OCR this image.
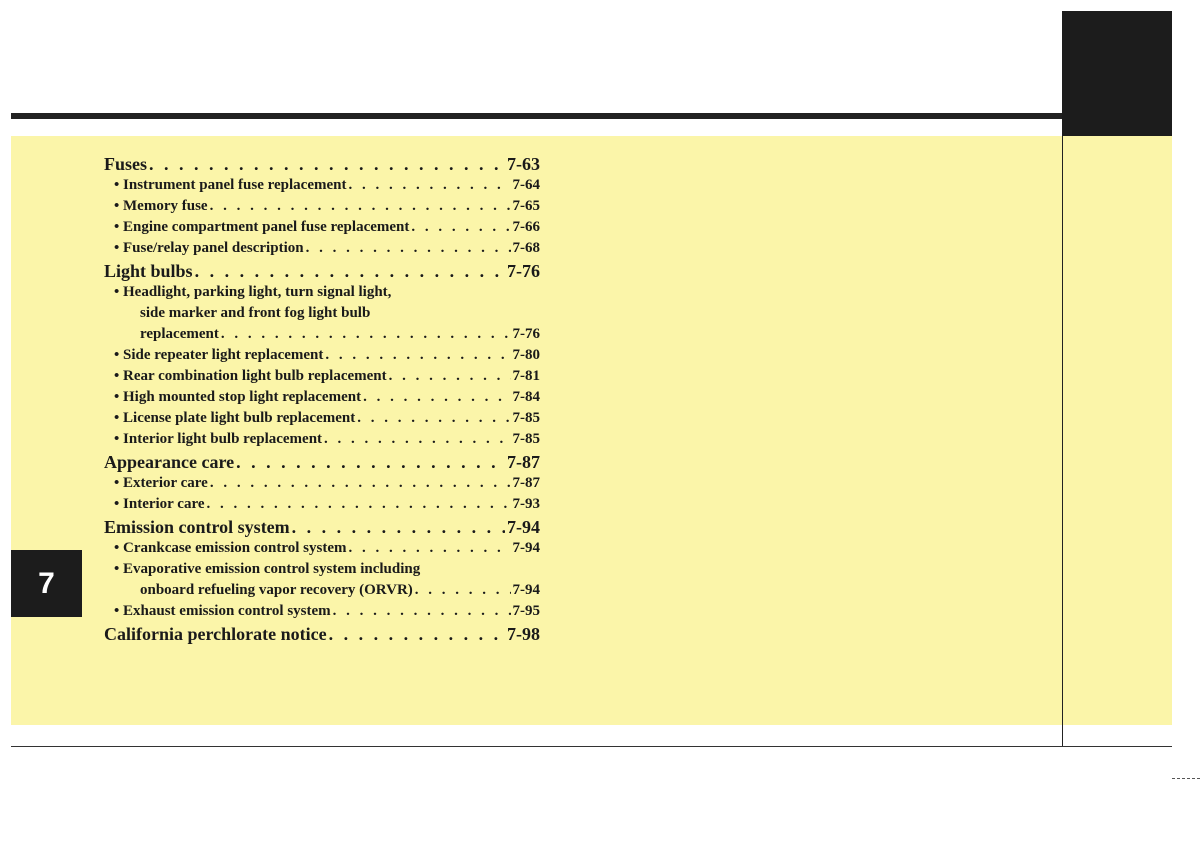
7
Fuses . . .	7-63
• Instrument panel fuse replacement . . .	7-64
• Memory fuse . . .	7-65
• Engine compartment panel fuse replacement . . .	7-66
• Fuse/relay panel description . . .	7-68
Light bulbs . . .	7-76
• Headlight, parking light, turn signal light,
side marker and front fog light bulb
replacement . . .	7-76
• Side repeater light replacement . . .	7-80
• Rear combination light bulb replacement . . .	7-81
• High mounted stop light replacement . . .	7-84
• License plate light bulb replacement . . .	7-85
• Interior light bulb replacement . . .	7-85
Appearance care . . .	7-87
• Exterior care . . .	7-87
• Interior care . . .	7-93
Emission control system . . .	7-94
• Crankcase emission control system . . .	7-94
• Evaporative emission control system including
onboard refueling vapor recovery (ORVR) . . .	7-94
• Exhaust emission control system . . .	7-95
California perchlorate notice . . .	7-98
